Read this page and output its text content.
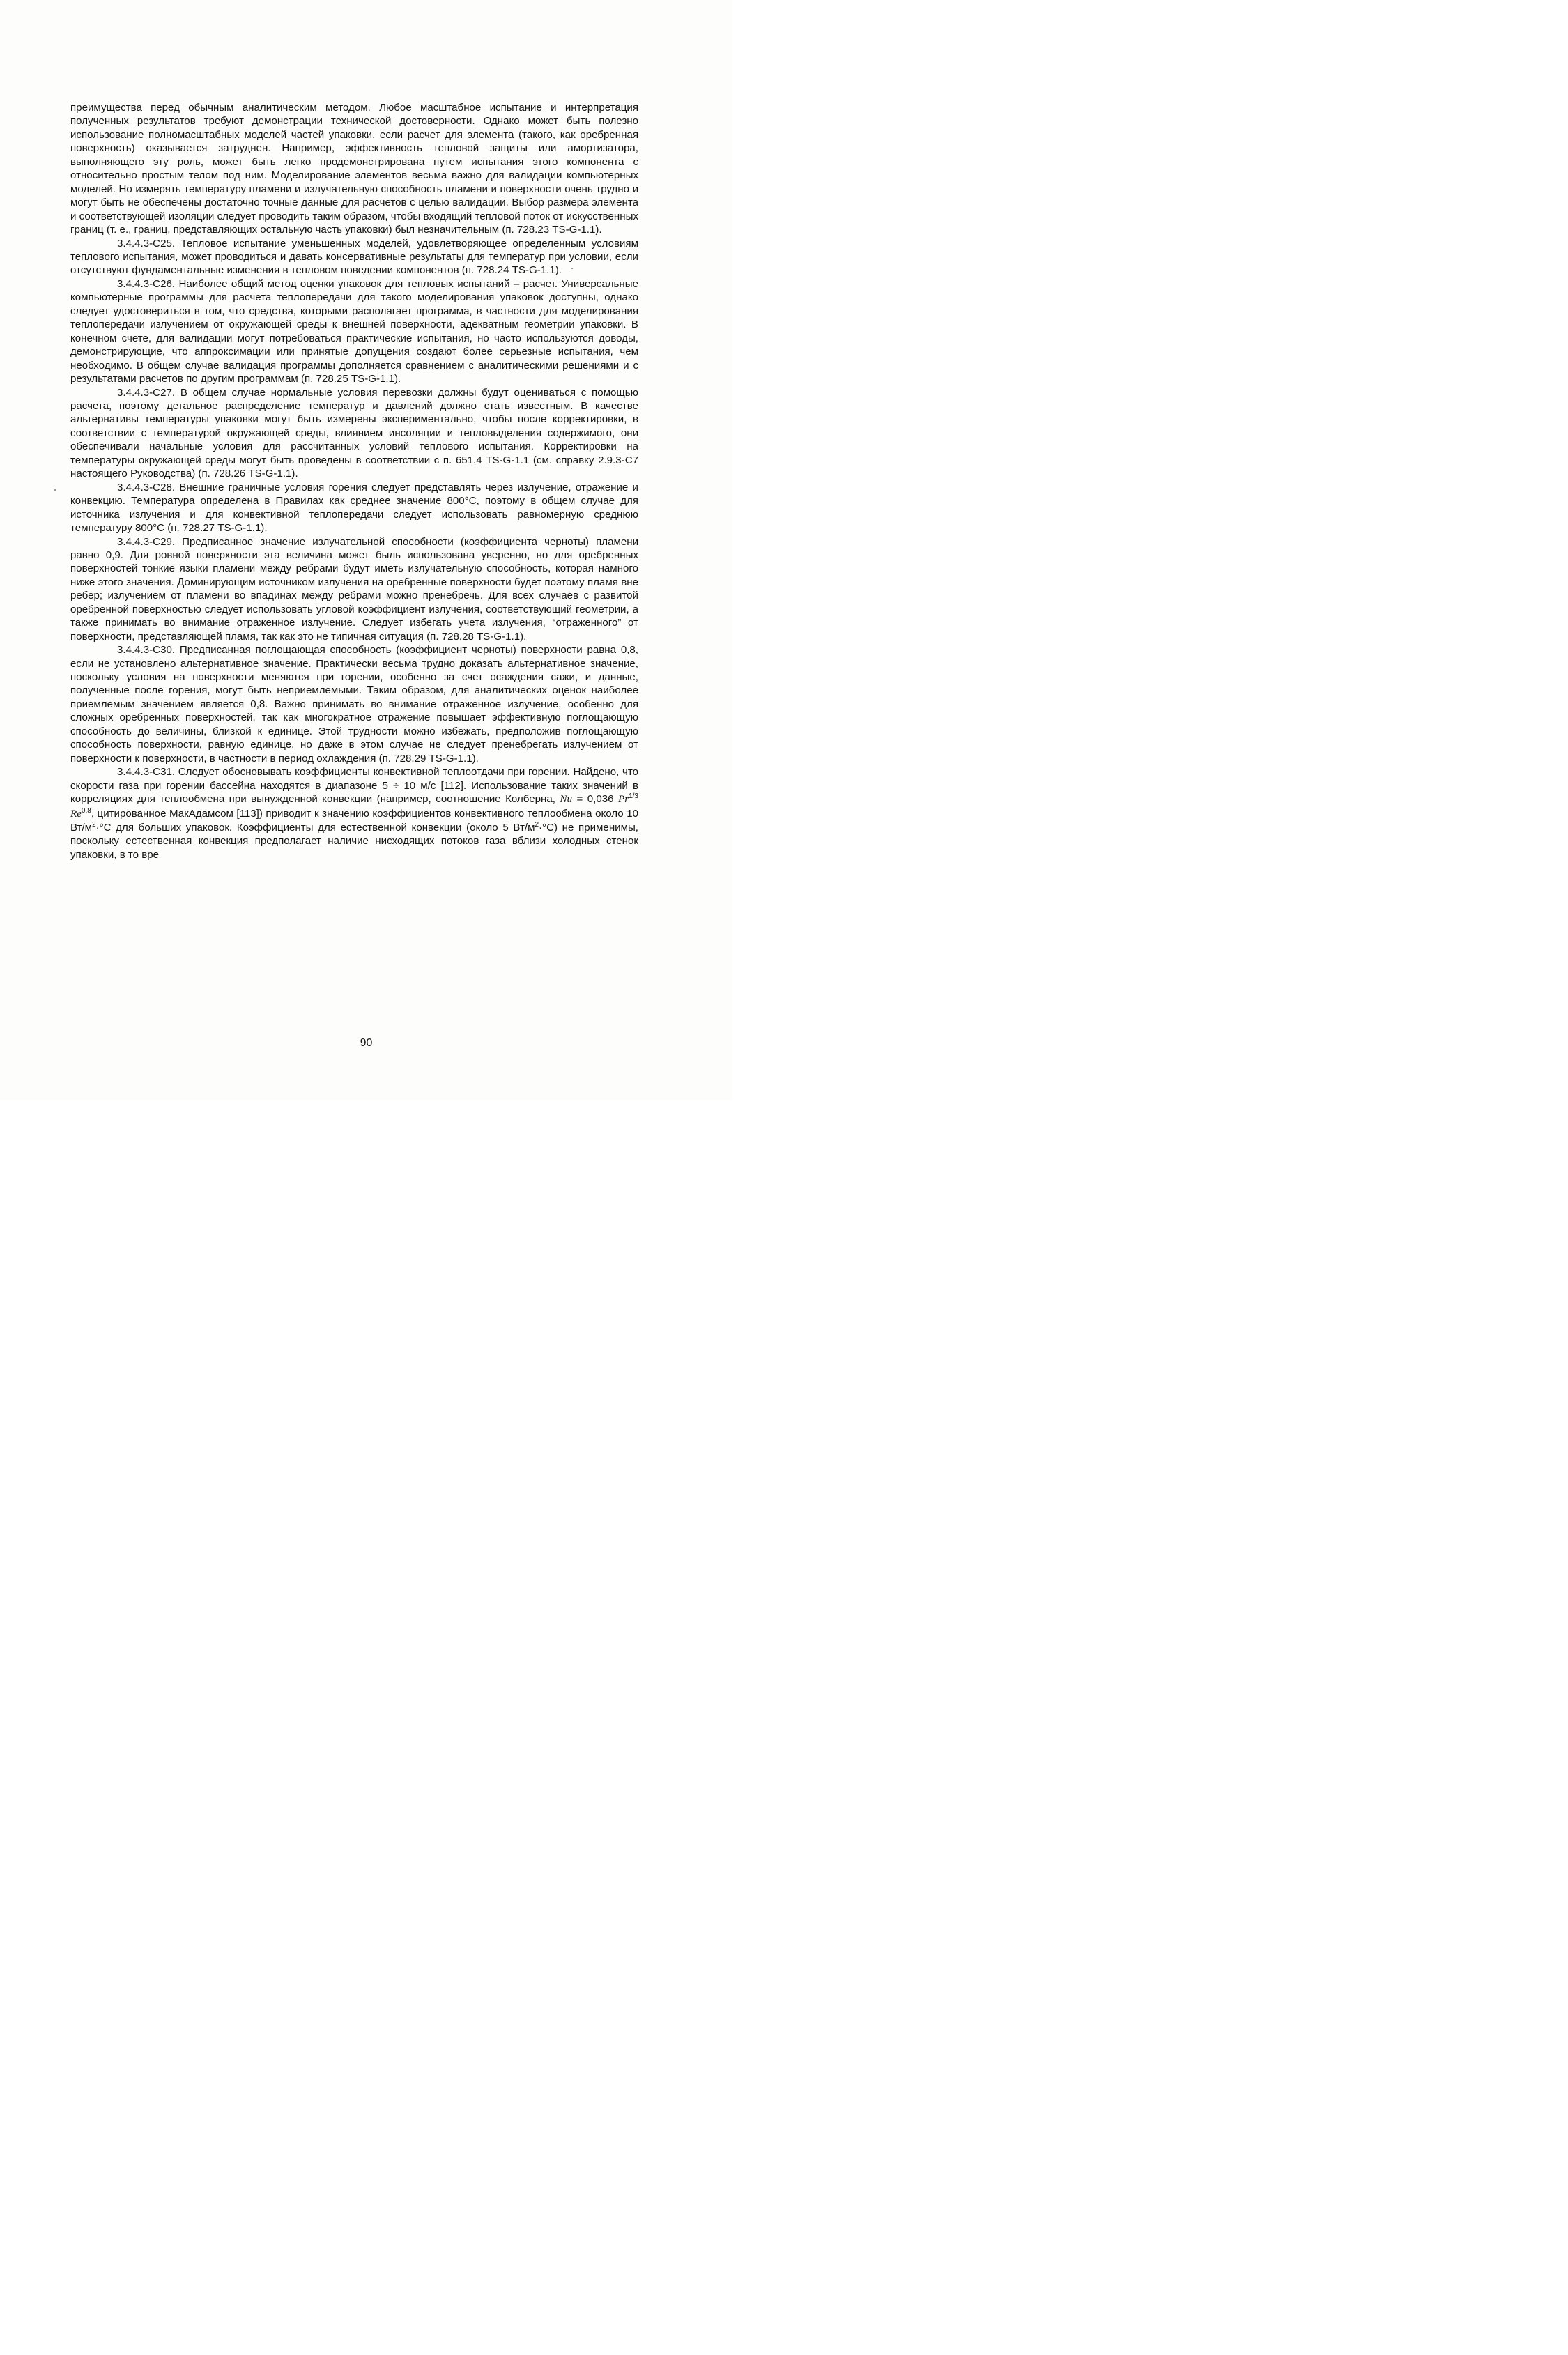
преимущества перед обычным аналитическим методом. Любое масштабное испытание и интерпретация полученных результатов требуют демонстрации технической достоверности. Однако может быть полезно использование полномасштабных моделей частей упаковки, если расчет для элемента (такого, как оребренная поверхность) оказывается затруднен. Например, эффективность тепловой защиты или амортизатора, выполняющего эту роль, может быть легко продемонстрирована путем испытания этого компонента с относительно простым телом под ним. Моделирование элементов весьма важно для валидации компьютерных моделей. Но измерять температуру пламени и излучательную способность пламени и поверхности очень трудно и могут быть не обеспечены достаточно точные данные для расчетов с целью валидации. Выбор размера элемента и соответствующей изоляции следует проводить таким образом, чтобы входящий тепловой поток от искусственных границ (т. е., границ, представляющих остальную часть упаковки) был незначительным (п. 728.23 TS-G-1.1).

3.4.4.3-С25. Тепловое испытание уменьшенных моделей, удовлетворяющее определенным условиям теплового испытания, может проводиться и давать консервативные результаты для температур при условии, если отсутствуют фундаментальные изменения в тепловом поведении компонентов (п. 728.24 TS-G-1.1).

3.4.4.3-С26. Наиболее общий метод оценки упаковок для тепловых испытаний – расчет. Универсальные компьютерные программы для расчета теплопередачи для такого моделирования упаковок доступны, однако следует удостовериться в том, что средства, которыми располагает программа, в частности для моделирования теплопередачи излучением от окружающей среды к внешней поверхности, адекватным геометрии упаковки. В конечном счете, для валидации могут потребоваться практические испытания, но часто используются доводы, демонстрирующие, что аппроксимации или принятые допущения создают более серьезные испытания, чем необходимо. В общем случае валидация программы дополняется сравнением с аналитическими решениями и с результатами расчетов по другим программам (п. 728.25 TS-G-1.1).

3.4.4.3-С27. В общем случае нормальные условия перевозки должны будут оцениваться с помощью расчета, поэтому детальное распределение температур и давлений должно стать известным. В качестве альтернативы температуры упаковки могут быть измерены экспериментально, чтобы после корректировки, в соответствии с температурой окружающей среды, влиянием инсоляции и тепловыделения содержимого, они обеспечивали начальные условия для рассчитанных условий теплового испытания. Корректировки на температуры окружающей среды могут быть проведены в соответствии с п. 651.4 TS-G-1.1 (см. справку 2.9.3-С7 настоящего Руководства) (п. 728.26 TS-G-1.1).

3.4.4.3-С28. Внешние граничные условия горения следует представлять через излучение, отражение и конвекцию. Температура определена в Правилах как среднее значение 800°С, поэтому в общем случае для источника излучения и для конвективной теплопередачи следует использовать равномерную среднюю температуру 800°С (п. 728.27 TS-G-1.1).

3.4.4.3-С29. Предписанное значение излучательной способности (коэффициента черноты) пламени равно 0,9. Для ровной поверхности эта величина может быль использована уверенно, но для оребренных поверхностей тонкие языки пламени между ребрами будут иметь излучательную способность, которая намного ниже этого значения. Доминирующим источником излучения на оребренные поверхности будет поэтому пламя вне ребер; излучением от пламени во впадинах между ребрами можно пренебречь. Для всех случаев с развитой оребренной поверхностью следует использовать угловой коэффициент излучения, соответствующий геометрии, а также принимать во внимание отраженное излучение. Следует избегать учета излучения, “отраженного” от поверхности, представляющей пламя, так как это не типичная ситуация (п. 728.28 TS-G-1.1).

3.4.4.3-С30. Предписанная поглощающая способность (коэффициент черноты) поверхности равна 0,8, если не установлено альтернативное значение. Практически весьма трудно доказать альтернативное значение, поскольку условия на поверхности меняются при горении, особенно за счет осаждения сажи, и данные, полученные после горения, могут быть неприемлемыми. Таким образом, для аналитических оценок наиболее приемлемым значением является 0,8. Важно принимать во внимание отраженное излучение, особенно для сложных оребренных поверхностей, так как многократное отражение повышает эффективную поглощающую способность до величины, близкой к единице. Этой трудности можно избежать, предположив поглощающую способность поверхности, равную единице, но даже в этом случае не следует пренебрегать излучением от поверхности к поверхности, в частности в период охлаждения (п. 728.29 TS-G-1.1).

3.4.4.3-С31. Следует обосновывать коэффициенты конвективной теплоотдачи при горении. Найдено, что скорости газа при горении бассейна находятся в диапазоне 5 ÷ 10 м/с [112]. Использование таких значений в корреляциях для теплообмена при вынужденной конвекции (например, соотношение Колберна, Nu = 0,036 $Pr^{1/3}$ Re$^{0,8}$, цитированное МакАдамсом [113]) приводит к значению коэффициентов конвективного теплообмена около 10 $Вт/м^2\cdot^\circ С$ для больших упаковок. Коэффициенты для естественной конвекции (около 5 $Вт/м^2\cdot^\circ С$) не применимы, поскольку естественная конвекция предполагает наличие нисходящих потоков газа вблизи холодных стенок упаковки, в то вре

90
